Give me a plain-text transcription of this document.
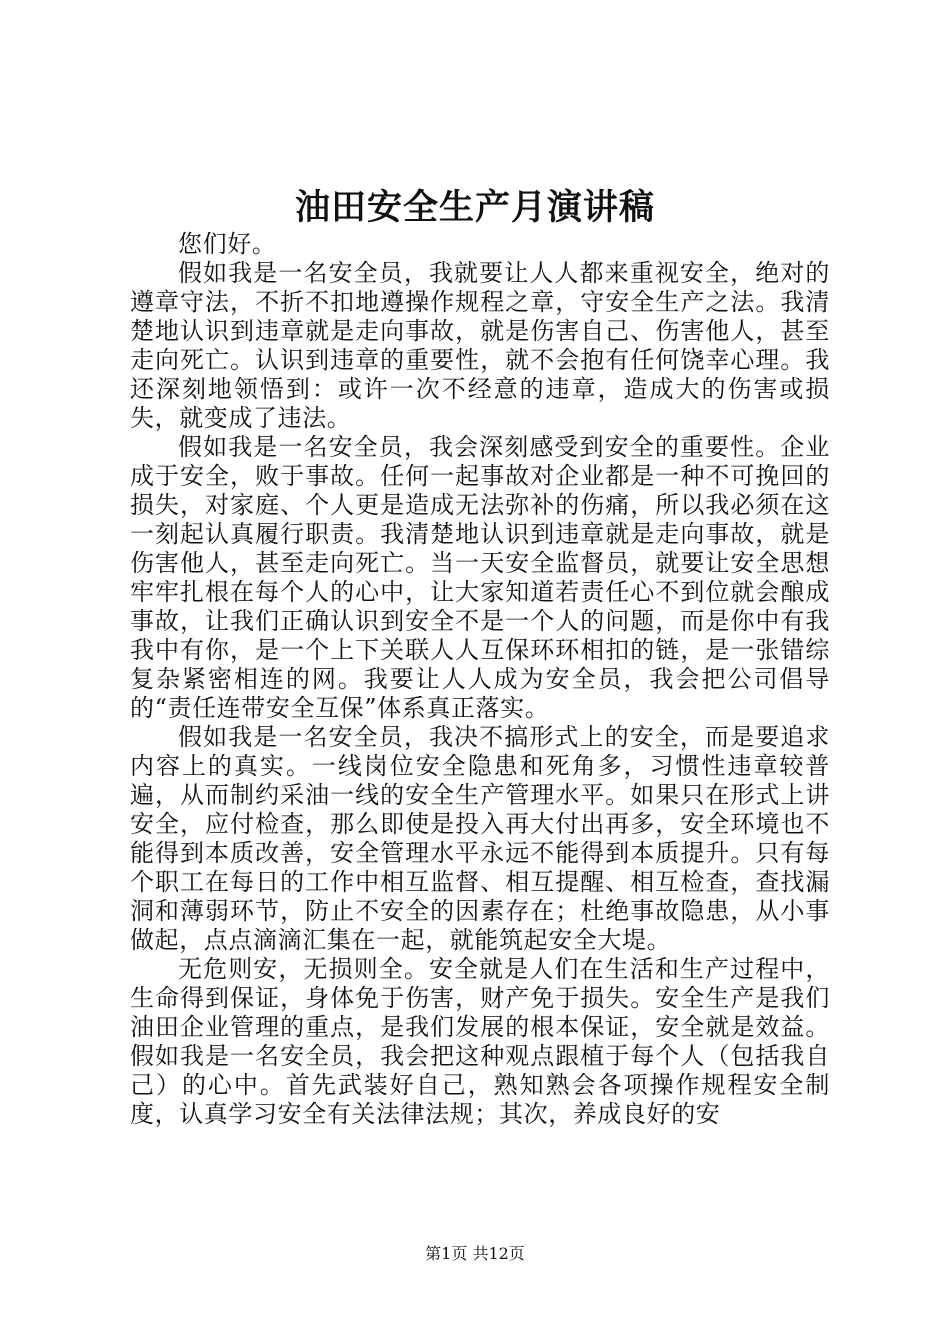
油田安全生产月演讲稿

您们好。

假如我是一名安全员，我就要让人人都来重视安全，绝对的遵章守法，不折不扣地遵操作规程之章，守安全生产之法。我清楚地认识到违章就是走向事故，就是伤害自己、伤害他人，甚至走向死亡。认识到违章的重要性，就不会抱有任何饶幸心理。我还深刻地领悟到：或许一次不经意的违章，造成大的伤害或损失，就变成了违法。

假如我是一名安全员，我会深刻感受到安全的重要性。企业成于安全，败于事故。任何一起事故对企业都是一种不可挽回的损失，对家庭、个人更是造成无法弥补的伤痛，所以我必须在这一刻起认真履行职责。我清楚地认识到违章就是走向事故，就是伤害他人，甚至走向死亡。当一天安全监督员，就要让安全思想牢牢扎根在每个人的心中，让大家知道若责任心不到位就会酿成事故，让我们正确认识到安全不是一个人的问题，而是你中有我我中有你，是一个上下关联人人互保环环相扣的链，是一张错综复杂紧密相连的网。我要让人人成为安全员，我会把公司倡导的“责任连带安全互保”体系真正落实。

假如我是一名安全员，我决不搞形式上的安全，而是要追求内容上的真实。一线岗位安全隐患和死角多，习惯性违章较普遍，从而制约采油一线的安全生产管理水平。如果只在形式上讲安全，应付检查，那么即使是投入再大付出再多，安全环境也不能得到本质改善，安全管理水平永远不能得到本质提升。只有每个职工在每日的工作中相互监督、相互提醒、相互检查，查找漏洞和薄弱环节，防止不安全的因素存在；杜绝事故隐患，从小事做起，点点滴滴汇集在一起，就能筑起安全大堤。

无危则安，无损则全。安全就是人们在生活和生产过程中，生命得到保证，身体免于伤害，财产免于损失。安全生产是我们油田企业管理的重点，是我们发展的根本保证，安全就是效益。假如我是一名安全员，我会把这种观点跟植于每个人（包括我自己）的心中。首先武装好自己，熟知熟会各项操作规程安全制度，认真学习安全有关法律法规；其次，养成良好的安

第1页 共12页
